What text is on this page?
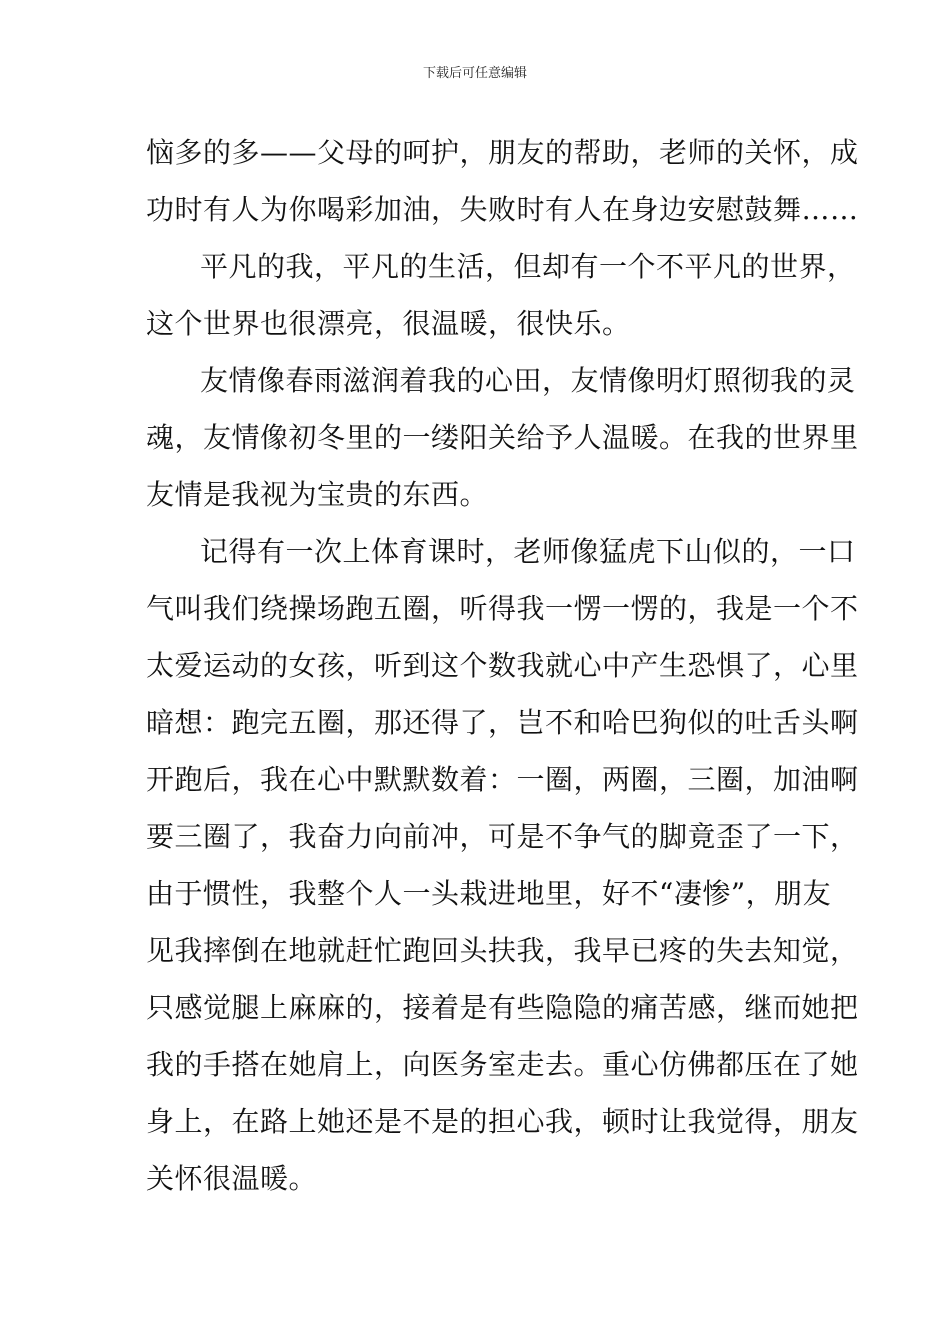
下载后可任意编辑
恼多的多——父母的呵护，朋友的帮助，老师的关怀，成
功时有人为你喝彩加油，失败时有人在身边安慰鼓舞……
平凡的我，平凡的生活，但却有一个不平凡的世界，
这个世界也很漂亮，很温暖，很快乐。
友情像春雨滋润着我的心田，友情像明灯照彻我的灵
魂，友情像初冬里的一缕阳关给予人温暖。在我的世界里
友情是我视为宝贵的东西。
记得有一次上体育课时，老师像猛虎下山似的，一口
气叫我们绕操场跑五圈，听得我一愣一愣的，我是一个不
太爱运动的女孩，听到这个数我就心中产生恐惧了，心里
暗想：跑完五圈，那还得了，岂不和哈巴狗似的吐舌头啊
开跑后，我在心中默默数着：一圈，两圈，三圈，加油啊
要三圈了，我奋力向前冲，可是不争气的脚竟歪了一下，
由于惯性，我整个人一头栽进地里，好不“凄惨”，朋友
见我摔倒在地就赶忙跑回头扶我，我早已疼的失去知觉，
只感觉腿上麻麻的，接着是有些隐隐的痛苦感，继而她把
我的手搭在她肩上，向医务室走去。重心仿佛都压在了她
身上，在路上她还是不是的担心我，顿时让我觉得，朋友
关怀很温暖。
